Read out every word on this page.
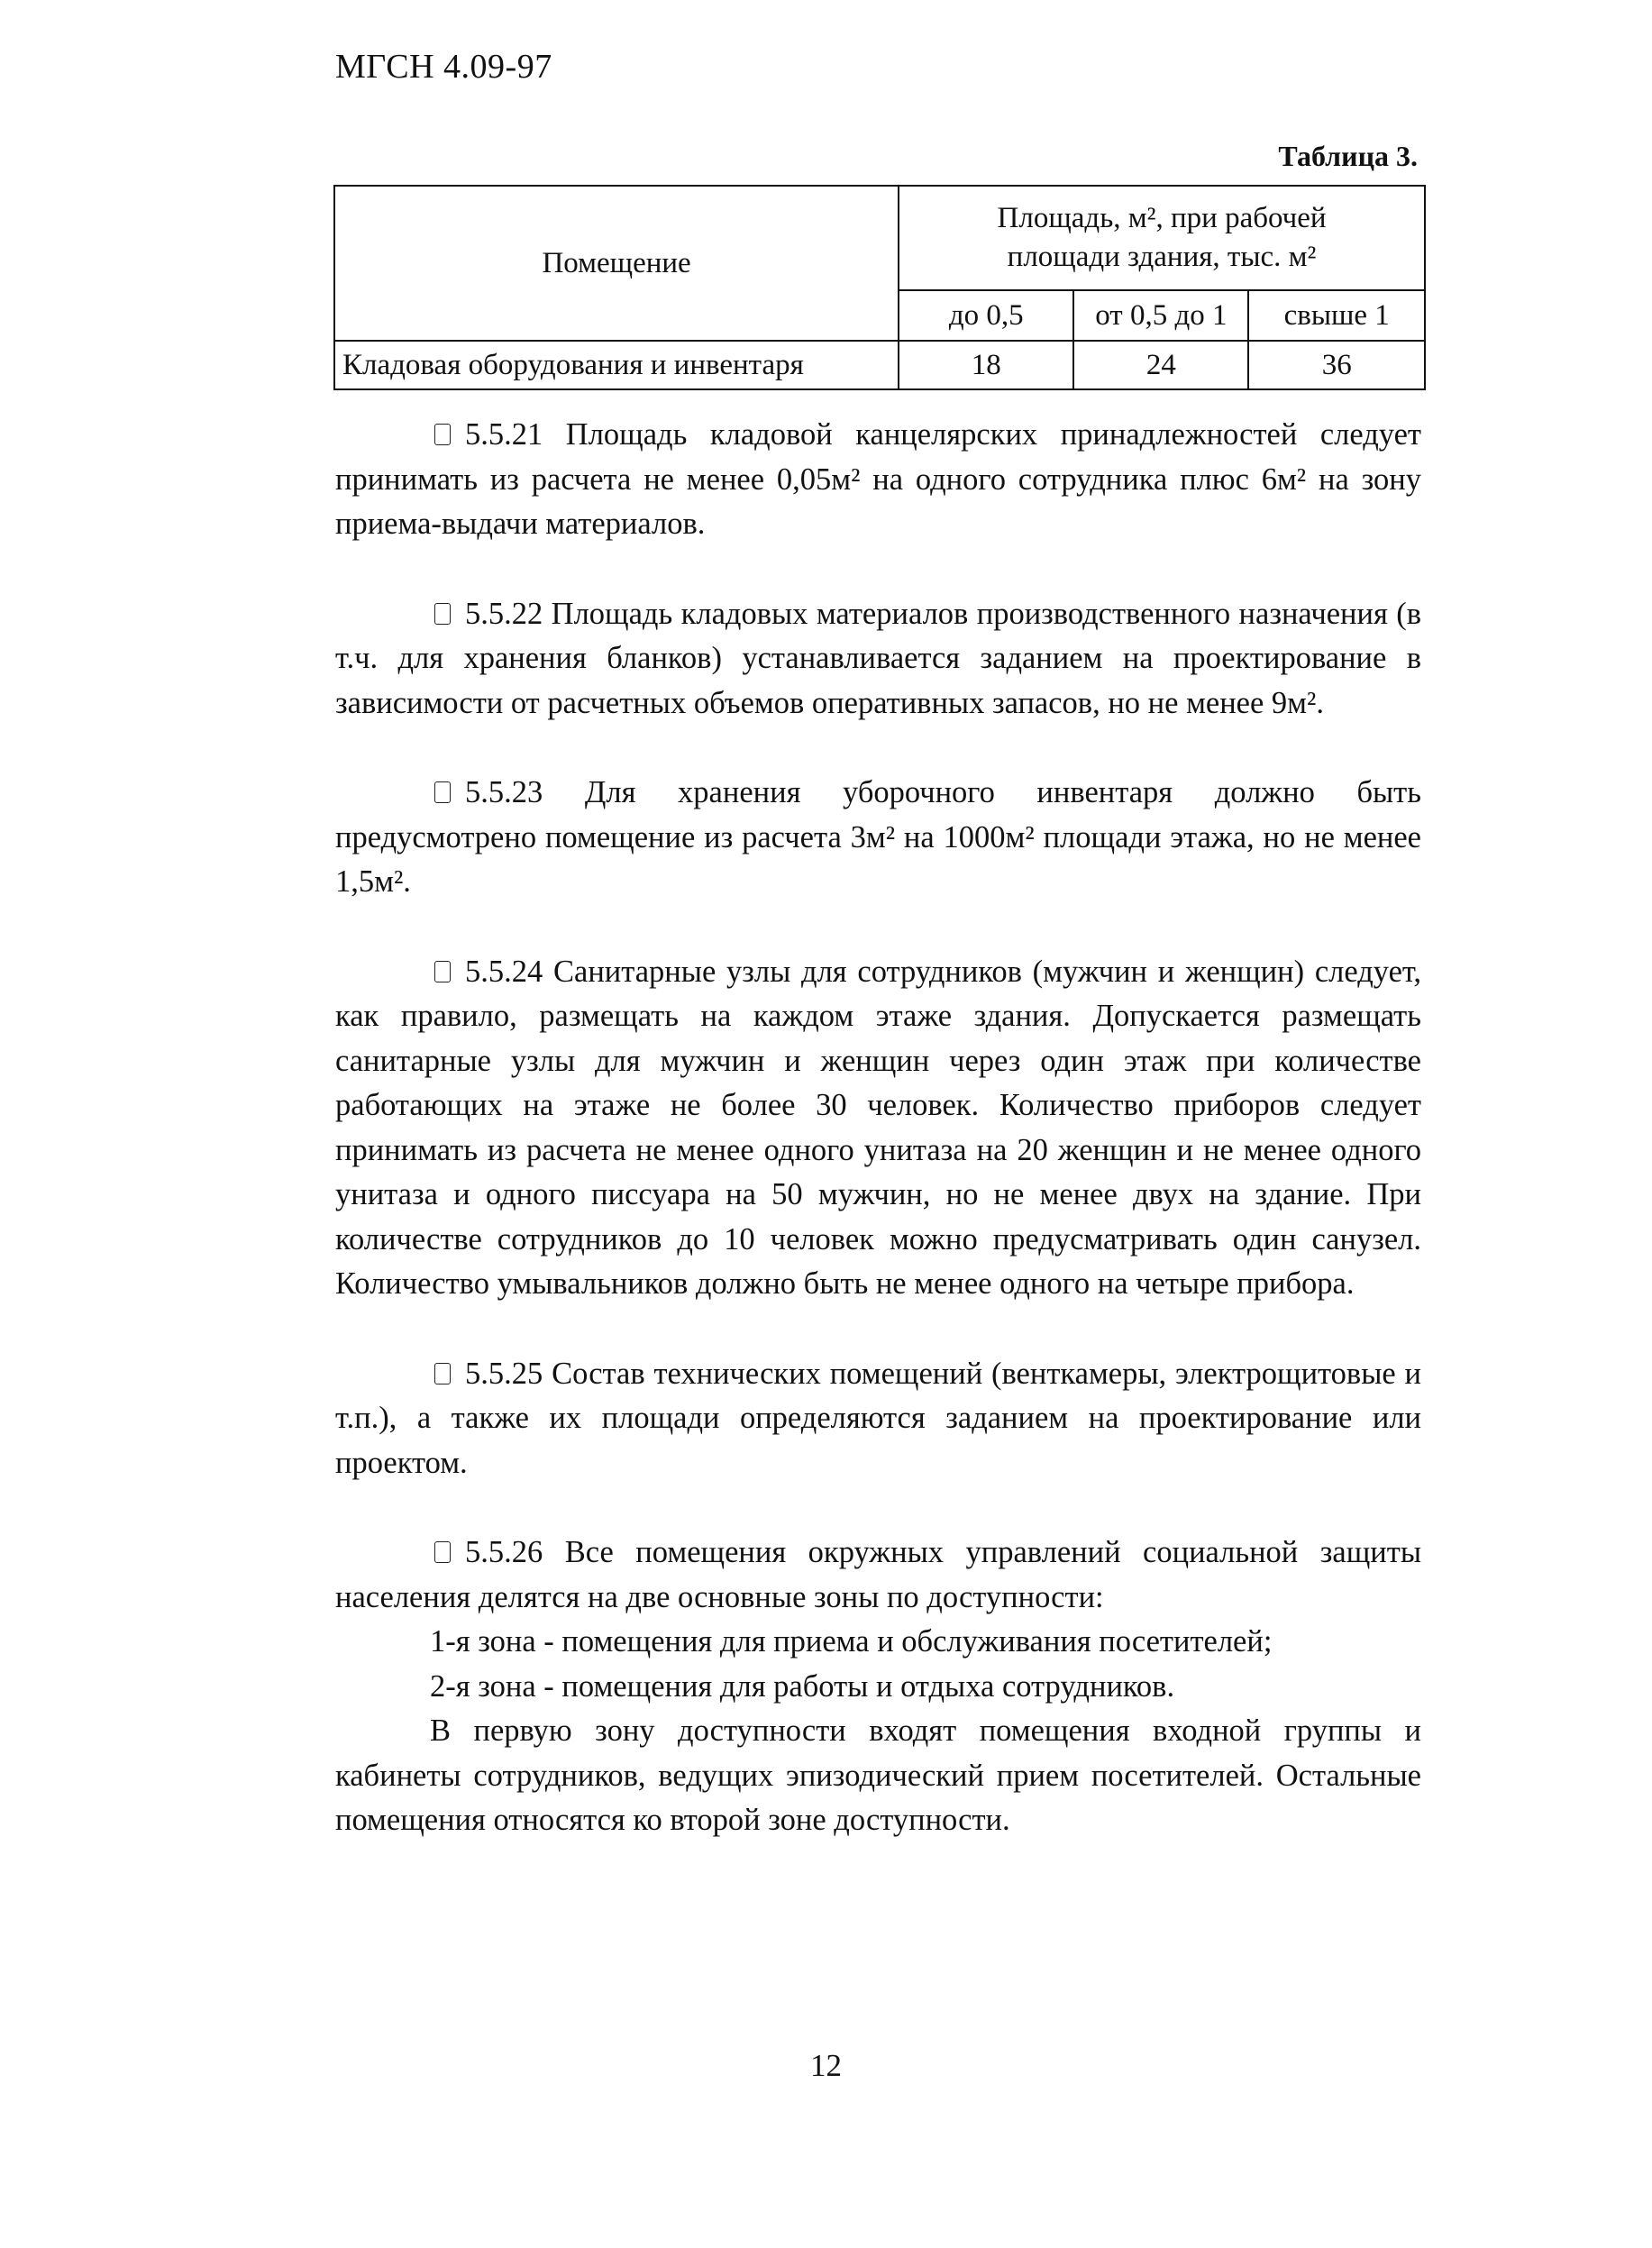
МГСН 4.09-97
Таблица 3.
Помещение	Площадь, м², при рабочей
площади здания, тыс. м²		

	до 0,5	от 0,5 до 1	свыше 1
Кладовая оборудования и инвентаря	18	24	36

5.5.21 Площадь кладовой канцелярских принадлежностей следует принимать из расчета не менее 0,05м² на одного сотрудника плюс 6м² на зону приема-выдачи материалов.

5.5.22 Площадь кладовых материалов производственного назначения (в т.ч. для хранения бланков) устанавливается заданием на проектирование в зависимости от расчетных объемов оперативных запасов, но не менее 9м².

5.5.23 Для хранения уборочного инвентаря должно быть предусмотрено помещение из расчета 3м² на 1000м² площади этажа, но не менее 1,5м².

5.5.24 Санитарные узлы для сотрудников (мужчин и женщин) следует, как правило, размещать на каждом этаже здания. Допускается размещать санитарные узлы для мужчин и женщин через один этаж при количестве работающих на этаже не более 30 человек. Количество приборов следует принимать из расчета не менее одного унитаза на 20 женщин и не менее одного унитаза и одного писсуара на 50 мужчин, но не менее двух на здание. При количестве сотрудников до 10 человек можно предусматривать один санузел. Количество умывальников должно быть не менее одного на четыре прибора.

5.5.25 Состав технических помещений (венткамеры, электрощитовые и т.п.), а также их площади определяются заданием на проектирование или проектом.

5.5.26 Все помещения окружных управлений социальной защиты населения делятся на две основные зоны по доступности:

1-я зона - помещения для приема и обслуживания посетителей;

2-я зона - помещения для работы и отдыха сотрудников.

В первую зону доступности входят помещения входной группы и кабинеты сотрудников, ведущих эпизодический прием посетителей. Остальные помещения относятся ко второй зоне доступности.

12
